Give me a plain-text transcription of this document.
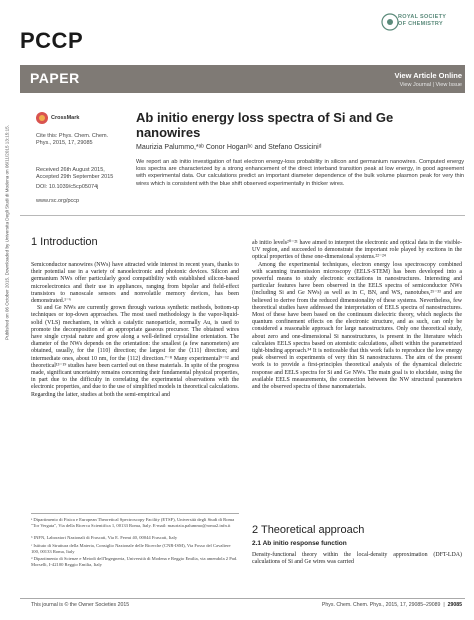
PCCP
ROYAL SOCIETY
OF CHEMISTRY
PAPER	View Article Online
View Journal | View Issue
Published on 06 October 2015. Downloaded by Universita Degli Studi di Modena on 06/11/2015 13:15:15.
CrossMark
Cite this: Phys. Chem. Chem. Phys., 2015, 17, 29085
Received 26th August 2015,
Accepted 29th September 2015
DOI: 10.1039/c5cp05074j
www.rsc.org/pccp
Ab initio energy loss spectra of Si and Ge nanowires
Maurizia Palummo,*ᵃᵇ Conor Hoganᵇᶜ and Stefano Ossiciniᵈ
We report an ab initio investigation of fast electron energy-loss probability in silicon and germanium nanowires. Computed energy loss spectra are characterized by a strong enhancement of the direct interband transition peak at low energy, in good agreement with experimental data. Our calculations predict an important diameter dependence of the bulk volume plasmon peak for very thin wires which is consistent with the blue shift observed experimentally in thicker wires.
1 Introduction

Semiconductor nanowires (NWs) have attracted wide interest in recent years, thanks to their potential use in a variety of nanoelectronic and photonic devices. Silicon and germanium NWs offer particularly good compatibility with established silicon-based microelectronics and their use in appliances, ranging from bipolar and field-effect transistors to nanoscale sensors and nonvolatile memory devices, has been demonstrated.¹⁻⁶

Si and Ge NWs are currently grown through various synthetic methods, bottom-up techniques or top-down approaches. The most used methodology is the vapor-liquid-solid (VLS) mechanism, in which a catalytic nanoparticle, normally Au, is used to promote the decomposition of an appropriate gaseous precursor. The obtained wires have single crystal nature and grow along a well-defined crystalline orientation. The diameter of the NWs depends on the orientation: the smallest (a few nanometers) are obtained, usually, for the ⟨110⟩ direction; the largest for the ⟨111⟩ direction; and intermediate ones, about 10 nm, for the ⟨112⟩ direction.⁷⁻⁸ Many experimental⁹⁻¹² and theoretical¹³⁻¹⁹ studies have been carried out on these materials. In spite of the progress made, significant uncertainty remains concerning their fundamental physical properties, in part due to the difficulty in correlating the experimental observations with the electronic properties, and due to the use of simplified models in theoretical calculations. Regarding the latter, studies at both the semi-empirical and

ᵃ Dipartimento di Fisica e European Theoretical Spectroscopy Facility (ETSF), Università degli Studi di Roma "Tor Vergata", Via della Ricerca Scientifica 1, 00133 Roma, Italy. E-mail: maurizia.palummo@roma2.infn.it
ᵇ INFN, Laboratori Nazionali di Frascati, Via E. Fermi 40, 00044 Frascati, Italy
ᶜ Istituto di Struttura della Materia, Consiglio Nazionale delle Ricerche (CNR-ISM), Via Fosso del Cavaliere 100, 00133 Roma, Italy
ᵈ Dipartimento di Scienze e Metodi dell'Ingegneria, Università di Modena e Reggio Emilia, via amendola 2 Pad. Morselli, I-42100 Reggio Emilia, Italy

ab initio levels²⁰⁻²¹ have aimed to interpret the electronic and optical data in the visible-UV region, and succeeded to demonstrate the important role played by excitons in the optical properties of these one-dimensional systems.²²⁻²⁴

Among the experimental techniques, electron energy loss spectroscopy combined with scanning transmission microscopy (EELS-STEM) has been developed into a powerful means to study electronic excitations in nanostructures. Interesting and particular features have been observed in the EELS spectra of semiconductor NWs (including Si and Ge NWs) as well as in C, BN, and WS₂ nanotubes,²⁵⁻³³ and are believed to derive from the reduced dimensionality of these systems. Nevertheless, few theoretical studies have addressed the interpretation of EELS spectra of nanostructures. Most of these have been based on the continuum dielectric theory, which neglects the quantum confinement effects on the electronic structure, and as such, can only be considered a reasonable approach for large nanostructures. Only one theoretical study, about zero and one-dimensional Si nanostructures, is present in the literature which calculates EELS spectra based on atomistic calculations, albeit within the parametrized tight-binding approach.³⁴ It is noticeable that this work fails to reproduce the low energy peak observed in experiments of very thin Si nanostructures. The aim of the present work is to provide a first-principles theoretical analysis of the dynamical dielectric response and EELS spectra for Si and Ge NWs. The main goal is to elucidate, using the available EELS measurements, the connection between the NW structural parameters and the observed spectra of these nanomaterials.

2 Theoretical approach
2.1 Ab initio response function

Density-functional theory within the local-density approximation (DFT-LDA) calculations of Si and Ge wires was carried

This journal is © the Owner Societies 2015	Phys. Chem. Chem. Phys., 2015, 17, 29085–29089  |  29085
